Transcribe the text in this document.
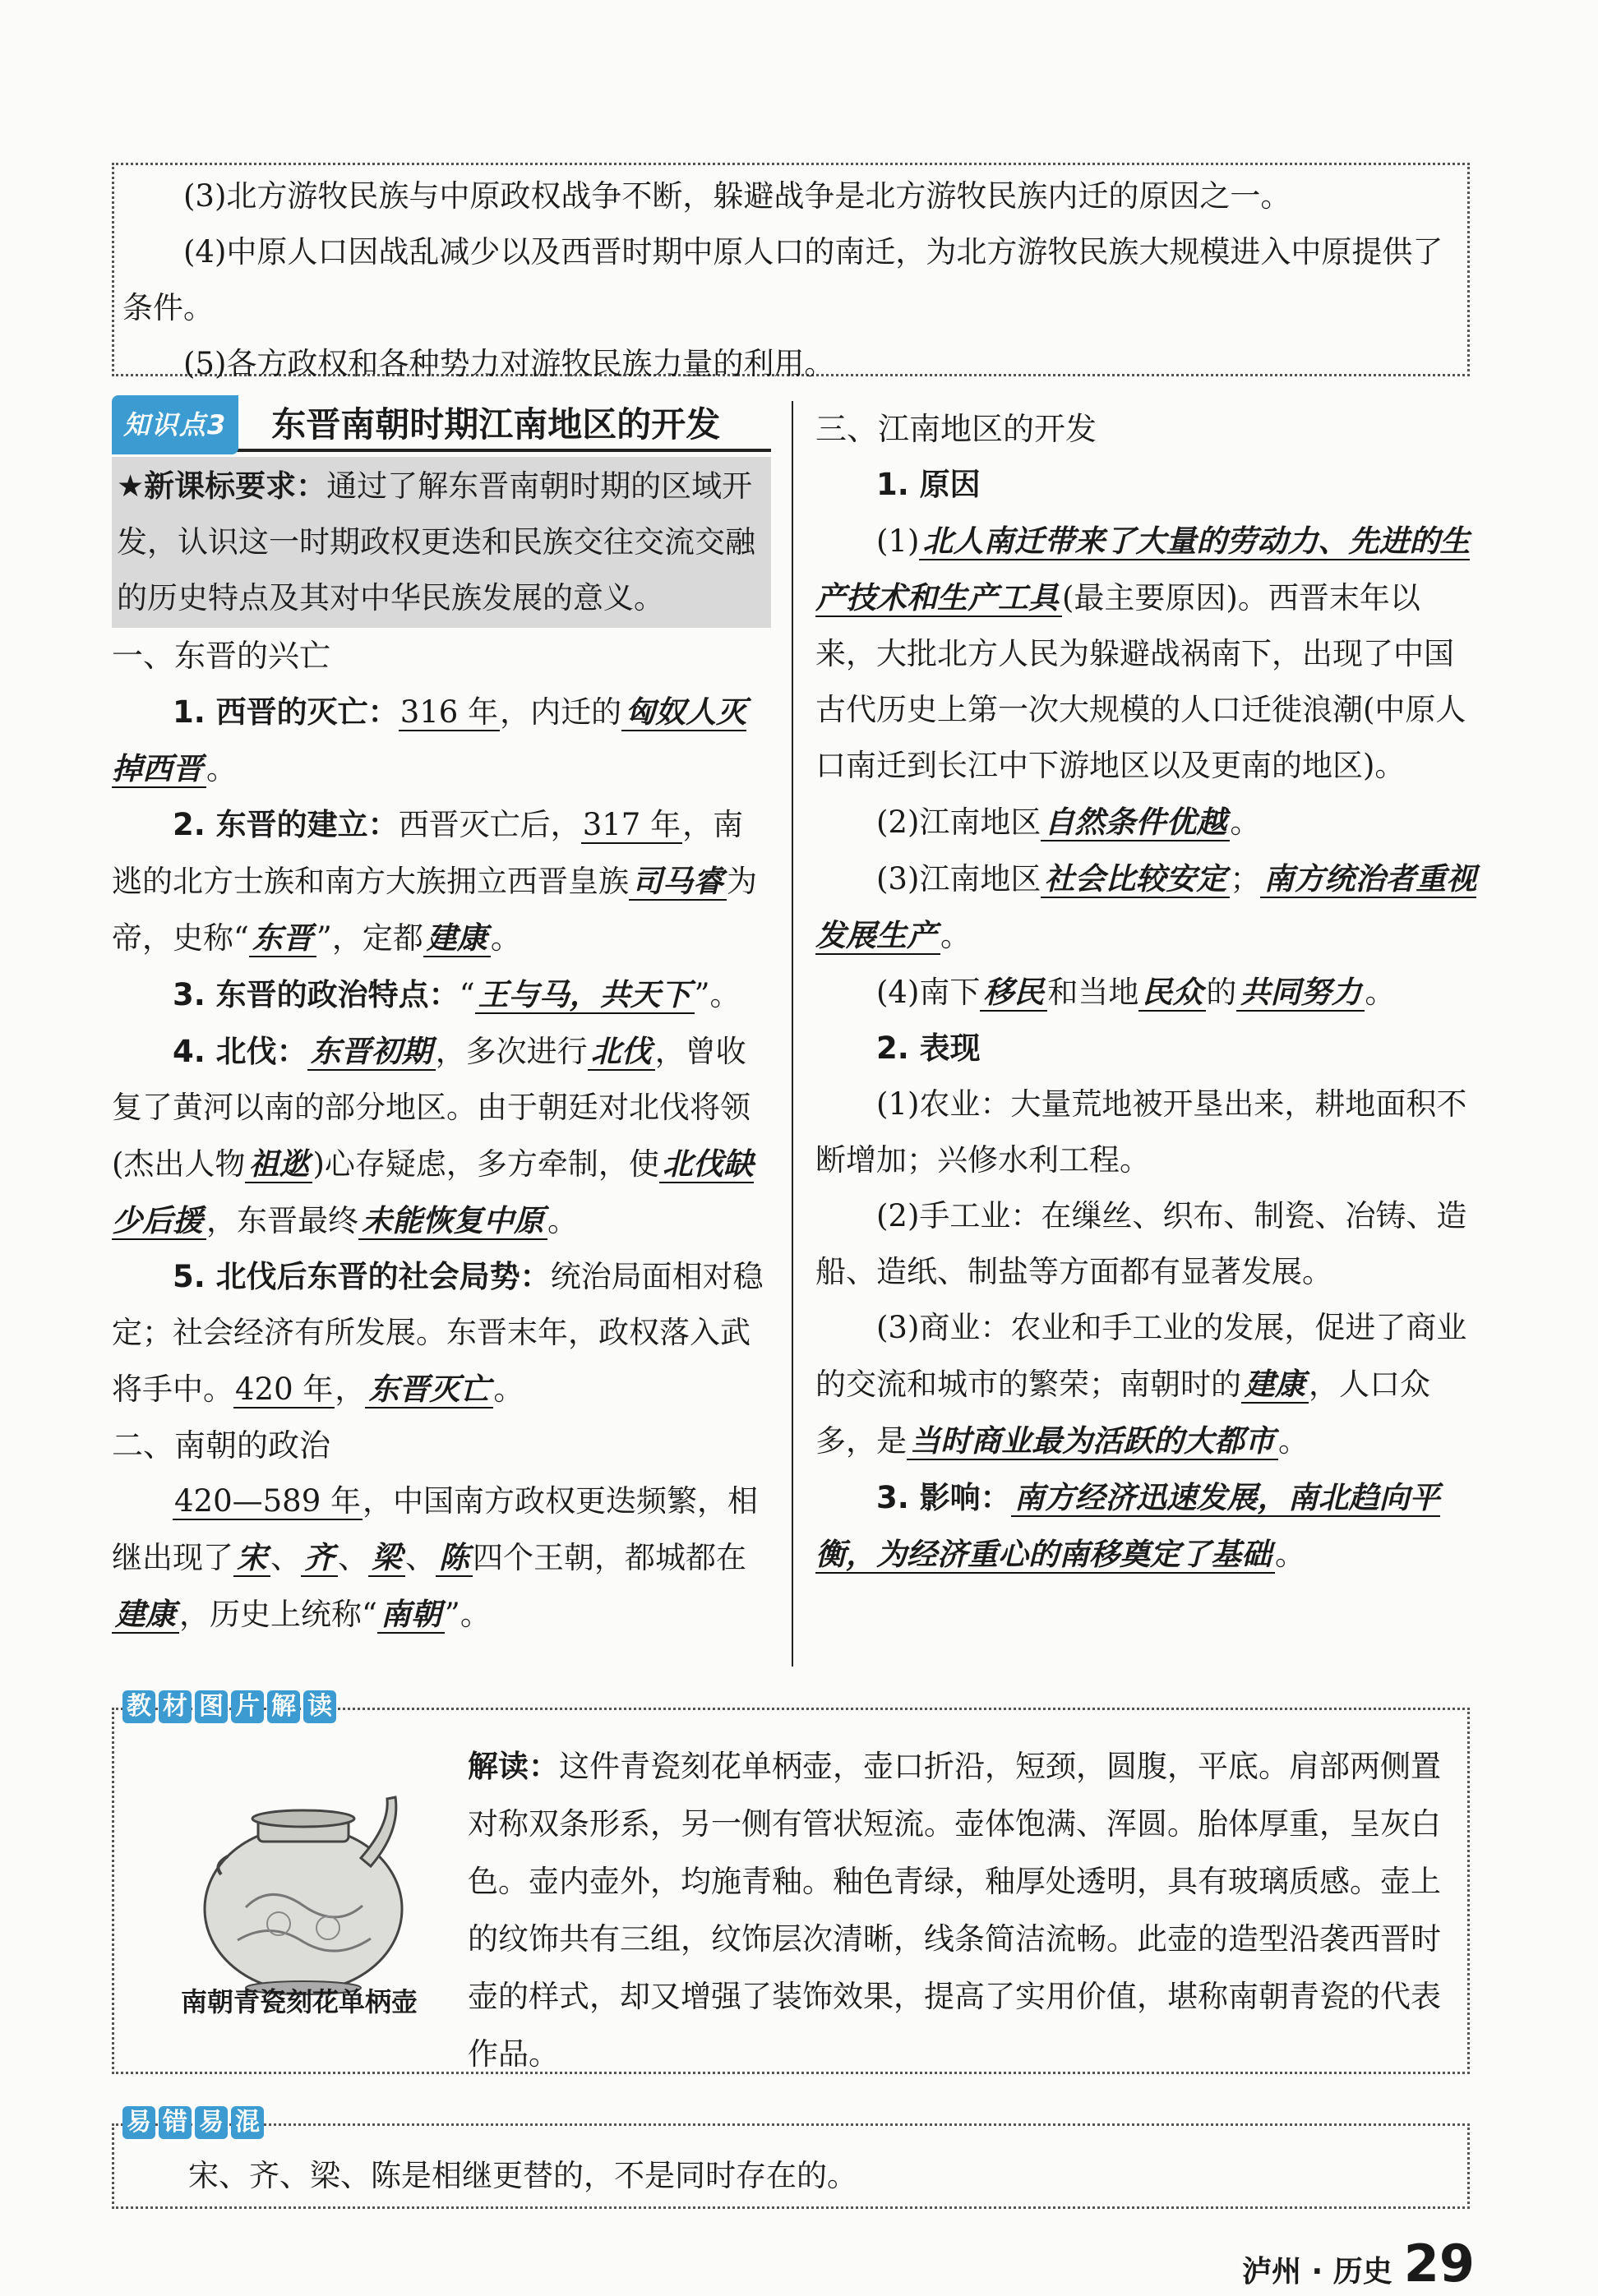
(3)北方游牧民族与中原政权战争不断，躲避战争是北方游牧民族内迁的原因之一。

(4)中原人口因战乱减少以及西晋时期中原人口的南迁，为北方游牧民族大规模进入中原提供了条件。

(5)各方政权和各种势力对游牧民族力量的利用。

知识点3	东晋南朝时期江南地区的开发
★新课标要求：通过了解东晋南朝时期的区域开发，认识这一时期政权更迭和民族交往交流交融的历史特点及其对中华民族发展的意义。

一、东晋的兴亡

1. 西晋的灭亡：316 年，内迁的 匈奴人灭掉西晋 。

2. 东晋的建立：西晋灭亡后，317 年，南逃的北方士族和南方大族拥立西晋皇族 司马睿 为帝，史称“ 东晋 ”，定都 建康 。

3. 东晋的政治特点：“ 王与马，共天下 ”。

4. 北伐： 东晋初期 ，多次进行 北伐 ，曾收复了黄河以南的部分地区。由于朝廷对北伐将领(杰出人物 祖逖 )心存疑虑，多方牵制，使 北伐缺少后援 ，东晋最终 未能恢复中原 。

5. 北伐后东晋的社会局势：统治局面相对稳定；社会经济有所发展。东晋末年，政权落入武将手中。420 年， 东晋灭亡 。

二、南朝的政治

420—589 年，中国南方政权更迭频繁，相继出现了 宋 、 齐 、 梁 、 陈 四个王朝，都城都在建康 ，历史上统称“ 南朝 ”。

三、江南地区的开发

1. 原因

(1) 北人南迁带来了大量的劳动力、先进的生产技术和生产工具 (最主要原因)。西晋末年以来，大批北方人民为躲避战祸南下，出现了中国古代历史上第一次大规模的人口迁徙浪潮(中原人口南迁到长江中下游地区以及更南的地区)。

(2)江南地区 自然条件优越 。

(3)江南地区 社会比较安定 ； 南方统治者重视发展生产 。

(4)南下 移民 和当地 民众 的 共同努力 。

2. 表现

(1)农业：大量荒地被开垦出来，耕地面积不断增加；兴修水利工程。

(2)手工业：在缫丝、织布、制瓷、冶铸、造船、造纸、制盐等方面都有显著发展。

(3)商业：农业和手工业的发展，促进了商业的交流和城市的繁荣；南朝时的 建康 ，人口众多，是 当时商业最为活跃的大都市 。

3. 影响： 南方经济迅速发展，南北趋向平衡，为经济重心的南移奠定了基础 。

教 材 图 片 解 读
南朝青瓷刻花单柄壶
解读：这件青瓷刻花单柄壶，壶口折沿，短颈，圆腹，平底。肩部两侧置对称双条形系，另一侧有管状短流。壶体饱满、浑圆。胎体厚重，呈灰白色。壶内壶外，均施青釉。釉色青绿，釉厚处透明，具有玻璃质感。壶上的纹饰共有三组，纹饰层次清晰，线条简洁流畅。此壶的造型沿袭西晋时壶的样式，却又增强了装饰效果，提高了实用价值，堪称南朝青瓷的代表作品。
易 错 易 混
宋、齐、梁、陈是相继更替的，不是同时存在的。
泸州 · 历史 29
